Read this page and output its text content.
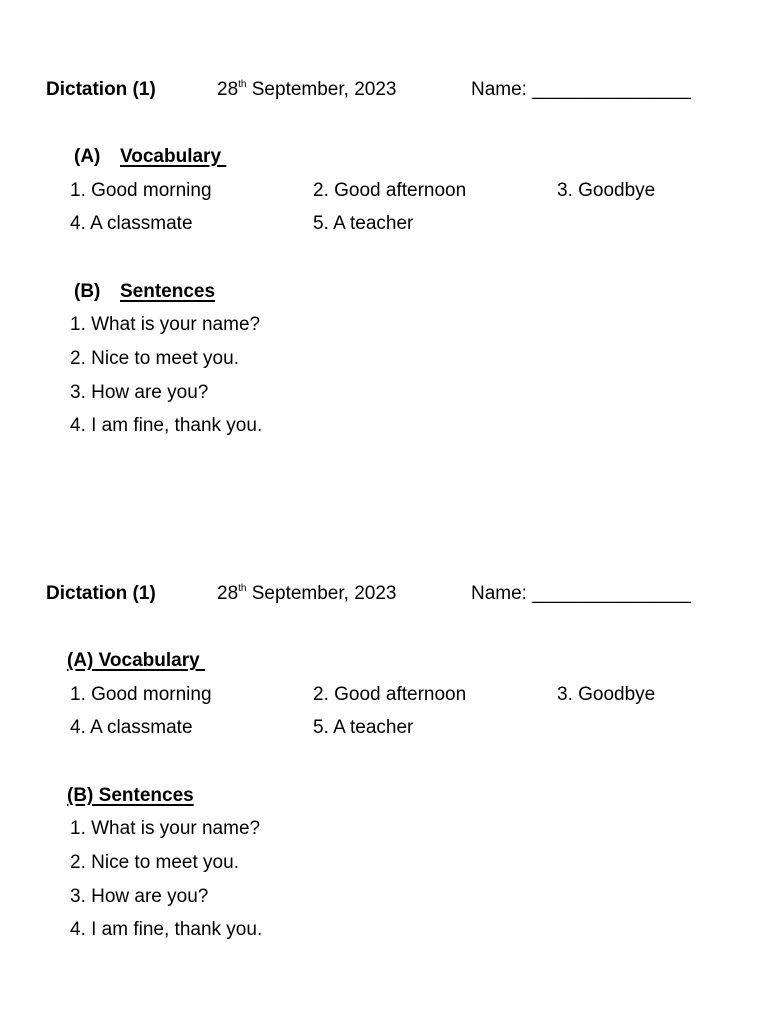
Dictation (1)	28th September, 2023	Name: _______________
(A) Vocabulary
1. Good morning	2. Good afternoon	3. Goodbye
4. A classmate	5. A teacher
(B) Sentences
1. What is your name?
2. Nice to meet you.
3. How are you?
4. I am fine, thank you.
Dictation (1)	28th September, 2023	Name: _______________
(A) Vocabulary
1. Good morning	2. Good afternoon	3. Goodbye
4. A classmate	5. A teacher
(B) Sentences
1. What is your name?
2. Nice to meet you.
3. How are you?
4. I am fine, thank you.
